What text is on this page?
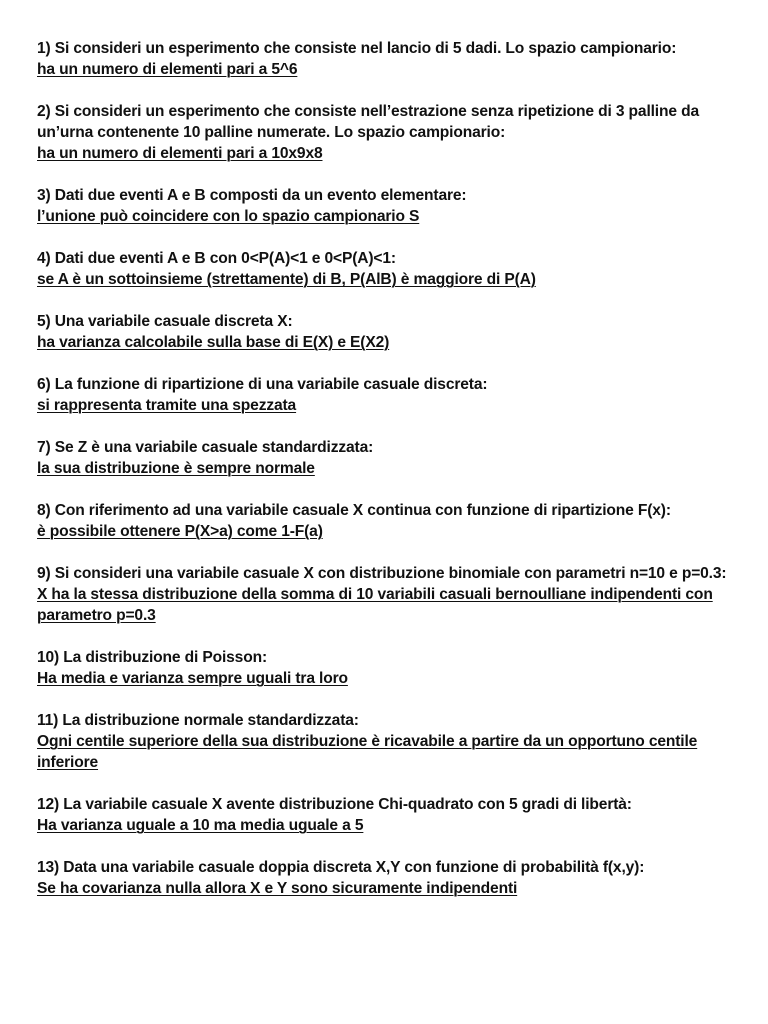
1) Si consideri un esperimento che consiste nel lancio di 5 dadi. Lo spazio campionario:

ha un numero di elementi pari a 5^6

2) Si consideri un esperimento che consiste nell’estrazione senza ripetizione di 3 palline da un’urna contenente 10 palline numerate. Lo spazio campionario:

ha un numero di elementi pari a 10x9x8

3) Dati due eventi A e B composti da un evento elementare:

l’unione può coincidere con lo spazio campionario S

4) Dati due eventi A e B con 0<P(A)<1 e 0<P(A)<1:

se A è un sottoinsieme (strettamente) di B, P(AlB) è maggiore di P(A)

5) Una variabile casuale discreta X:

ha varianza calcolabile sulla base di E(X) e E(X2)

6) La funzione di ripartizione di una variabile casuale discreta:

si rappresenta tramite una spezzata

7) Se Z è una variabile casuale standardizzata:

la sua distribuzione è sempre normale

8) Con riferimento ad una variabile casuale X continua con funzione di ripartizione F(x):

è possibile ottenere P(X>a) come 1-F(a)

9) Si consideri una variabile casuale X con distribuzione binomiale con parametri n=10 e p=0.3:

X ha la stessa distribuzione della somma di 10 variabili casuali bernoulliane indipendenti con parametro p=0.3

10) La distribuzione di Poisson:

Ha media e varianza sempre uguali tra loro

11) La distribuzione normale standardizzata:

Ogni centile superiore della sua distribuzione è ricavabile a partire da un opportuno centile inferiore

12) La variabile casuale X avente distribuzione Chi-quadrato con 5 gradi di libertà:

Ha varianza uguale a 10 ma media uguale a 5

13) Data una variabile casuale doppia discreta X,Y con funzione di probabilità f(x,y):

Se ha covarianza nulla allora X e Y sono sicuramente indipendenti
